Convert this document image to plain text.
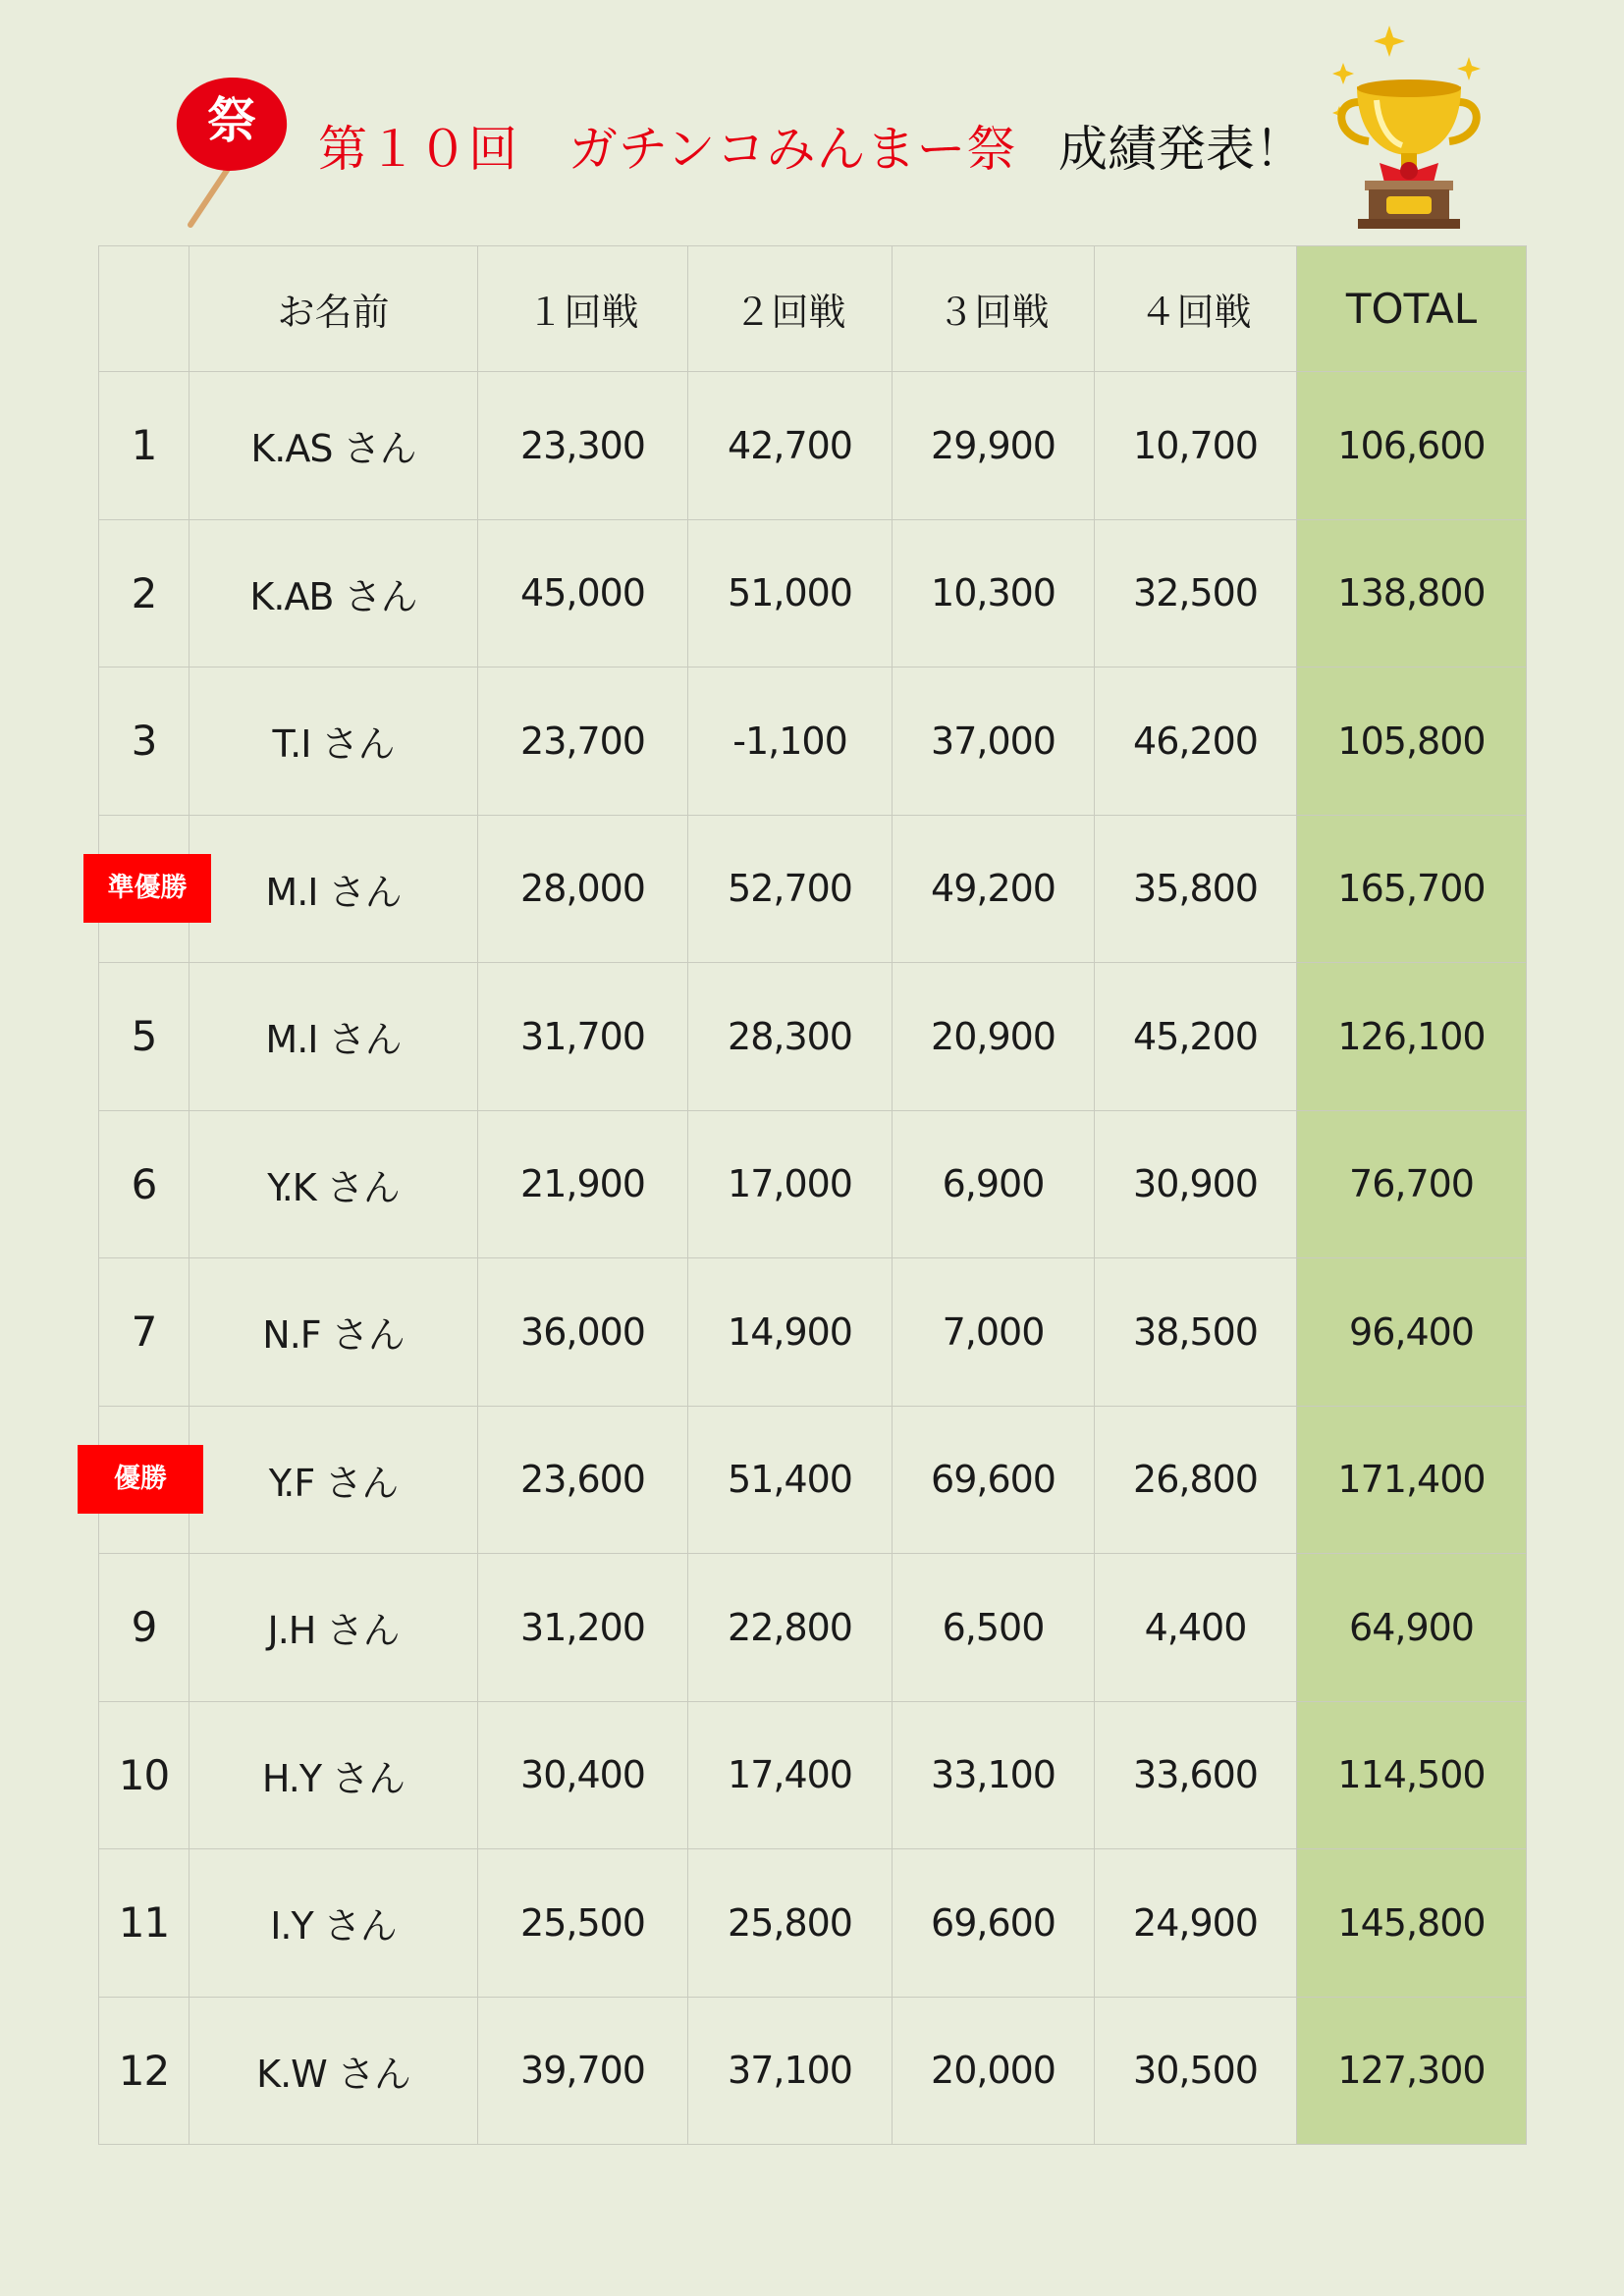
祭 第１０回　ガチンコみんまー祭 成績発表！
	お名前	１回戦	２回戦	３回戦	４回戦	TOTAL
1	K.AS さん	23,300	42,700	29,900	10,700	106,600
2	K.AB さん	45,000	51,000	10,300	32,500	138,800
3	T.I さん	23,700	-1,100	37,000	46,200	105,800

準優勝	M.I さん	28,000	52,700	49,200	35,800	165,700
5	M.I さん	31,700	28,300	20,900	45,200	126,100
6	Y.K さん	21,900	17,000	6,900	30,900	76,700
7	N.F さん	36,000	14,900	7,000	38,500	96,400

優勝	Y.F さん	23,600	51,400	69,600	26,800	171,400
9	J.H さん	31,200	22,800	6,500	4,400	64,900
10	H.Y さん	30,400	17,400	33,100	33,600	114,500
11	I.Y さん	25,500	25,800	69,600	24,900	145,800
12	K.W さん	39,700	37,100	20,000	30,500	127,300
